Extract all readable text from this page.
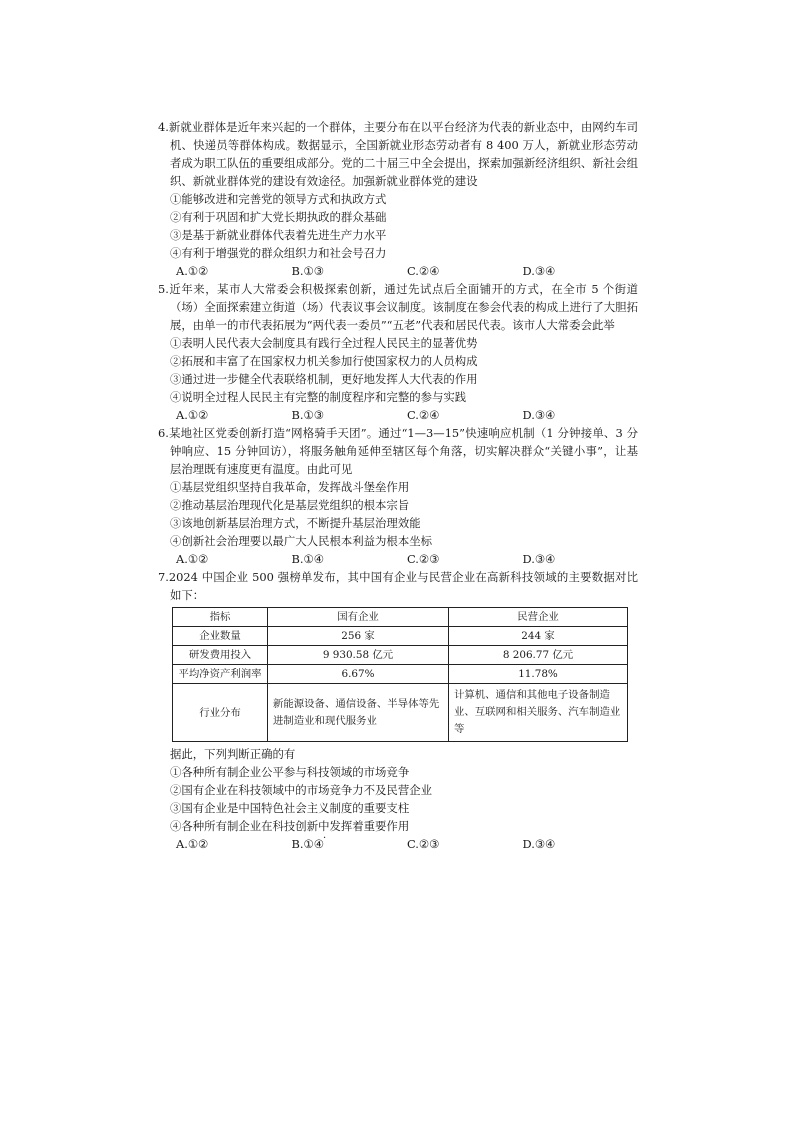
4.新就业群体是近年来兴起的一个群体，主要分布在以平台经济为代表的新业态中，由网约车司机、快递员等群体构成。数据显示，全国新就业形态劳动者有 8 400 万人，新就业形态劳动者成为职工队伍的重要组成部分。党的二十届三中全会提出，探索加强新经济组织、新社会组织、新就业群体党的建设有效途径。加强新就业群体党的建设

①能够改进和完善党的领导方式和执政方式

②有利于巩固和扩大党长期执政的群众基础

③是基于新就业群体代表着先进生产力水平

④有利于增强党的群众组织力和社会号召力

A.①②	B.①③	C.②④	D.③④

5.近年来，某市人大常委会积极探索创新，通过先试点后全面铺开的方式，在全市 5 个街道（场）全面探索建立街道（场）代表议事会议制度。该制度在参会代表的构成上进行了大胆拓展，由单一的市代表拓展为“两代表一委员”“五老”代表和居民代表。该市人大常委会此举

①表明人民代表大会制度具有践行全过程人民民主的显著优势

②拓展和丰富了在国家权力机关参加行使国家权力的人员构成

③通过进一步健全代表联络机制，更好地发挥人大代表的作用

④说明全过程人民民主有完整的制度程序和完整的参与实践

A.①②	B.①③	C.②④	D.③④

6.某地社区党委创新打造“网格骑手天团”。通过“1—3—15”快速响应机制（1 分钟接单、3 分钟响应、15 分钟回访），将服务触角延伸至辖区每个角落，切实解决群众“关键小事”，让基层治理既有速度更有温度。由此可见

①基层党组织坚持自我革命，发挥战斗堡垒作用

②推动基层治理现代化是基层党组织的根本宗旨

③该地创新基层治理方式，不断提升基层治理效能

④创新社会治理要以最广大人民根本利益为根本坐标

A.①②	B.①④	C.②③	D.③④

7.2024 中国企业 500 强榜单发布，其中国有企业与民营企业在高新科技领域的主要数据对比如下：

指标	国有企业	民营企业
企业数量	256 家	244 家
研发费用投入	9 930.58 亿元	8 206.77 亿元
平均净资产利润率	6.67%	11.78%
行业分布	新能源设备、通信设备、半导体等先进制造业和现代服务业	计算机、通信和其他电子设备制造业、互联网和相关服务、汽车制造业等

据此，下列判断正确的有

①各种所有制企业公平参与科技领域的市场竞争

②国有企业在科技领域中的市场竞争力不及民营企业

③国有企业是中国特色社会主义制度的重要支柱

④各种所有制企业在科技创新中发挥着重要作用

A.①②	B.①④	C.②③	D.③④
.
